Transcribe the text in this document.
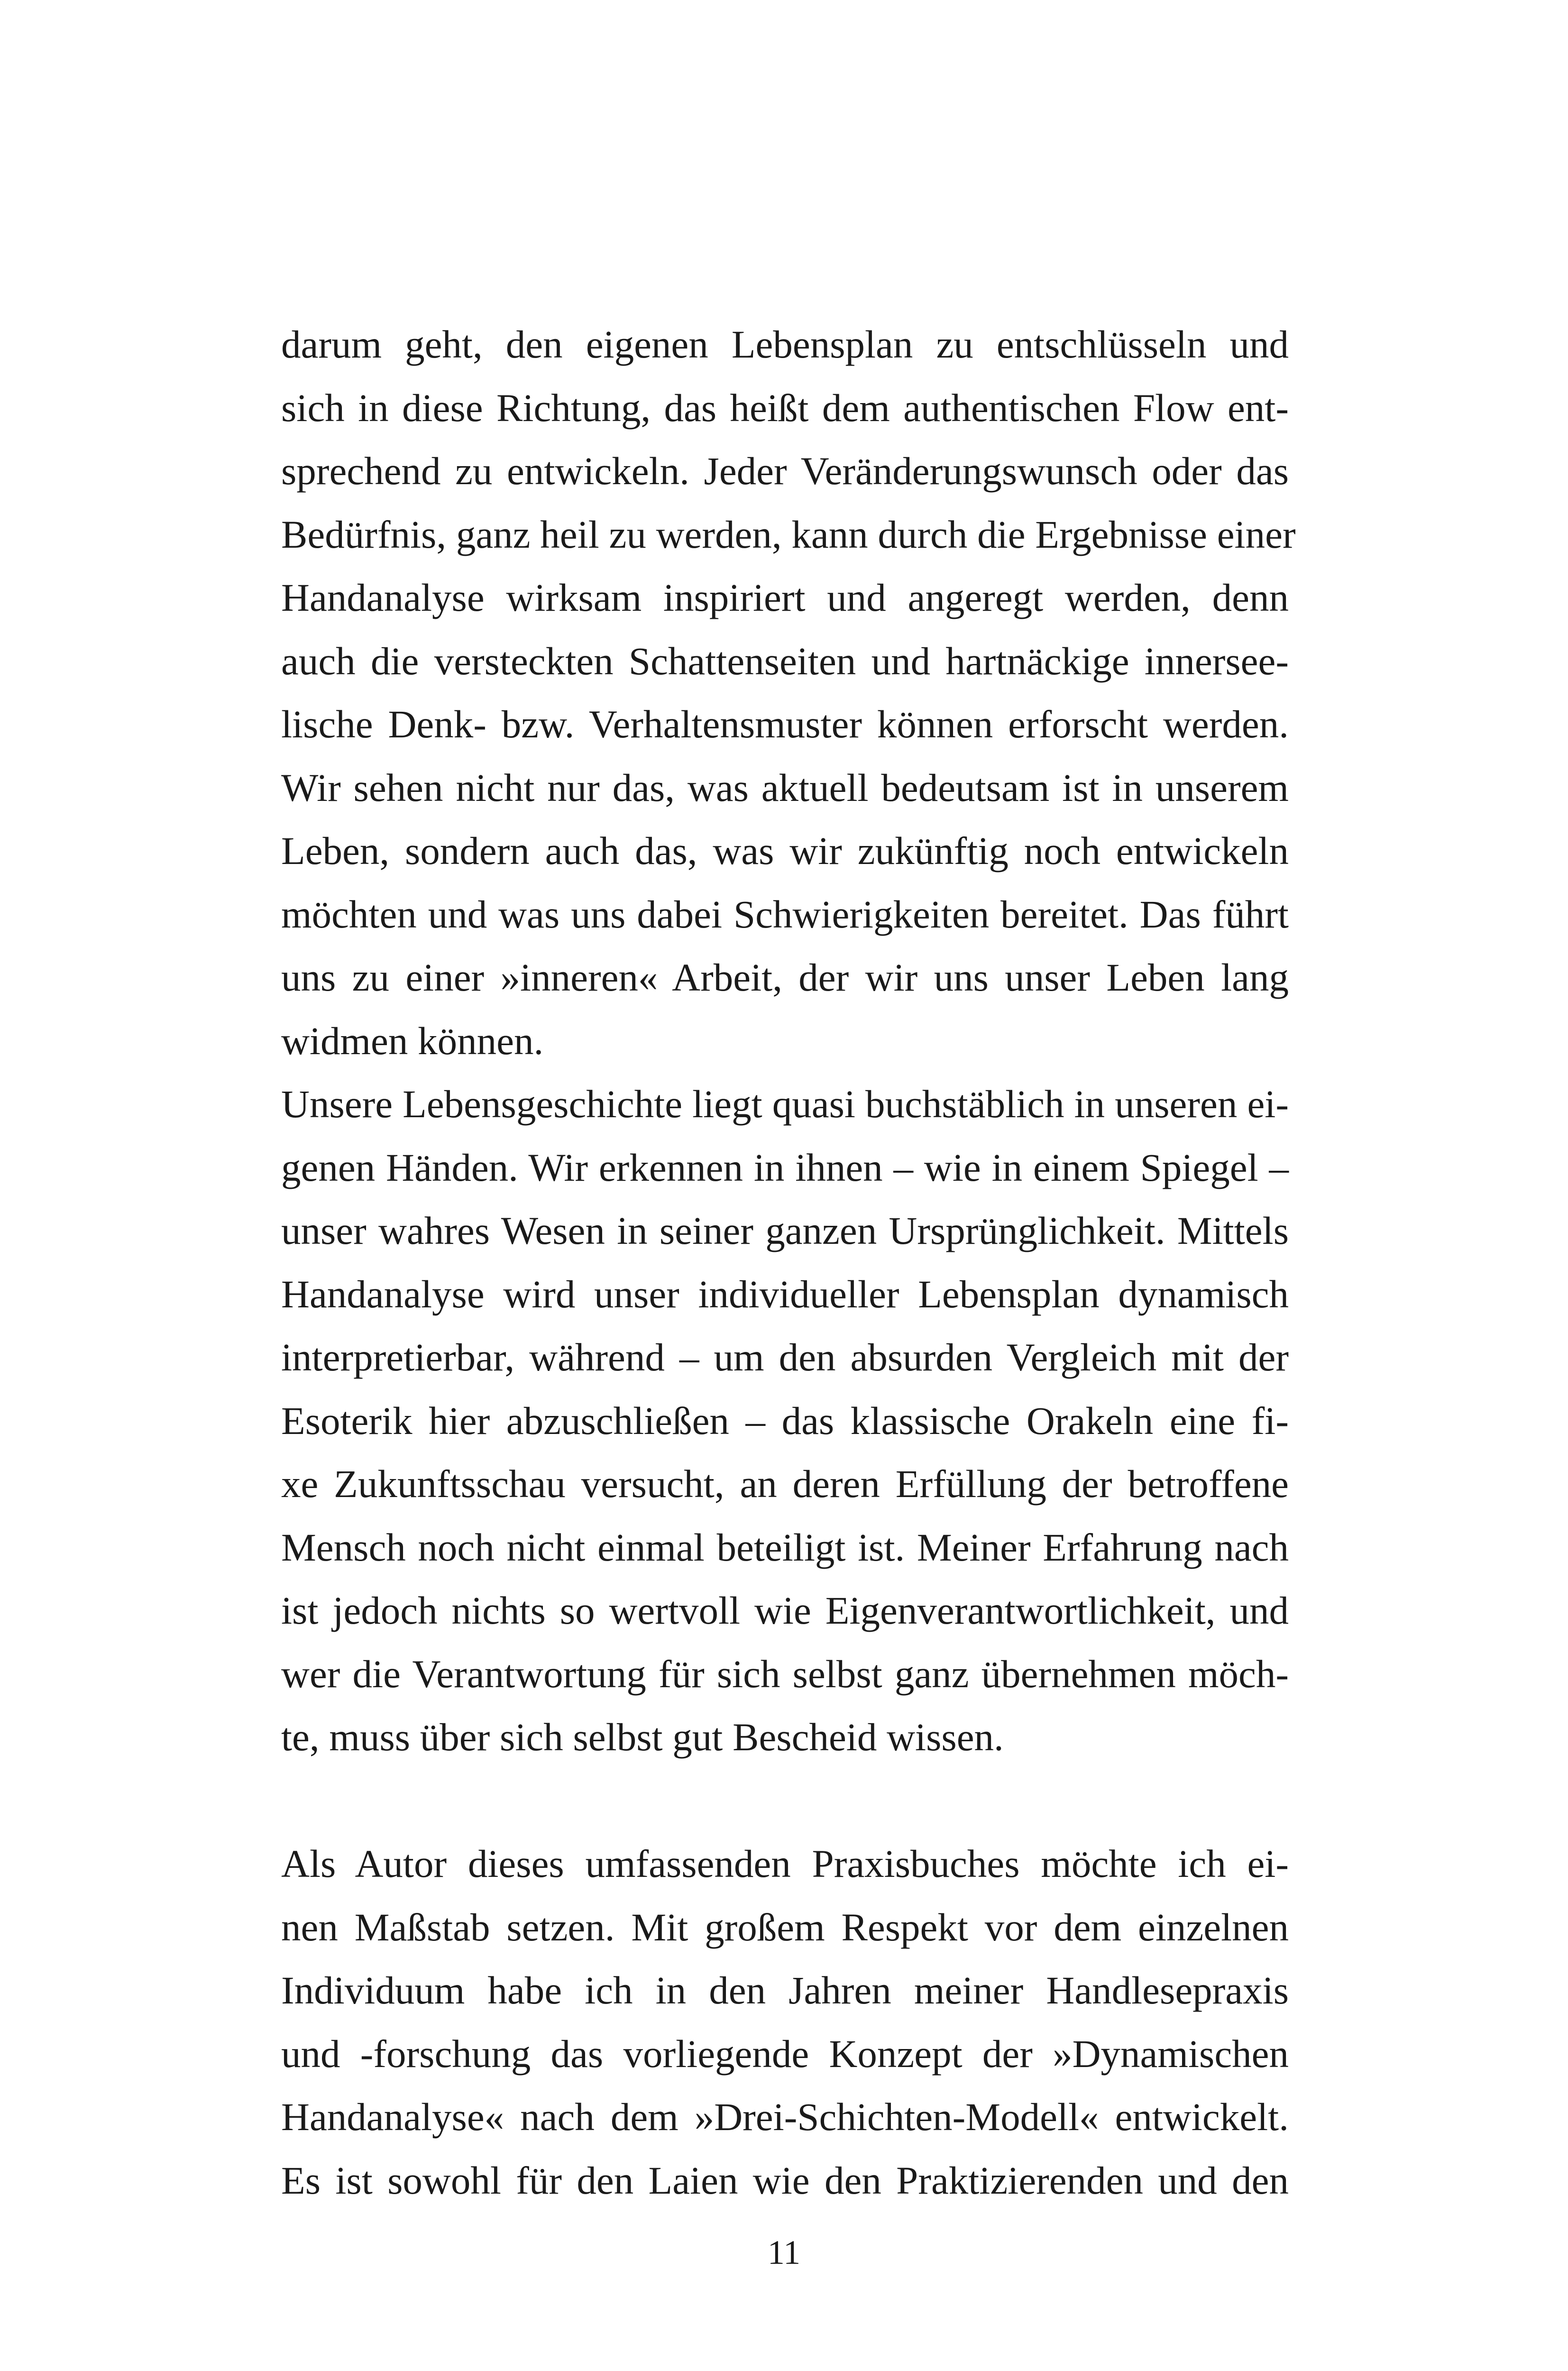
darum geht, den eigenen Lebensplan zu entschlüsseln und
sich in diese Richtung, das heißt dem authentischen Flow ent-
sprechend zu entwickeln. Jeder Veränderungswunsch oder das
Bedürfnis, ganz heil zu werden, kann durch die Ergebnisse einer
Handanalyse wirksam inspiriert und angeregt werden, denn
auch die versteckten Schattenseiten und hartnäckige innersee-
lische Denk- bzw. Verhaltensmuster können erforscht werden.
Wir sehen nicht nur das, was aktuell bedeutsam ist in unserem
Leben, sondern auch das, was wir zukünftig noch entwickeln
möchten und was uns dabei Schwierigkeiten bereitet. Das führt
uns zu einer »inneren« Arbeit, der wir uns unser Leben lang
widmen können.
Unsere Lebensgeschichte liegt quasi buchstäblich in unseren ei-
genen Händen. Wir erkennen in ihnen – wie in einem Spiegel –
unser wahres Wesen in seiner ganzen Ursprünglichkeit. Mittels
Handanalyse wird unser individueller Lebensplan dynamisch
interpretierbar, während – um den absurden Vergleich mit der
Esoterik hier abzuschließen – das klassische Orakeln eine fi-
xe Zukunftsschau versucht, an deren Erfüllung der betroffene
Mensch noch nicht einmal beteiligt ist. Meiner Erfahrung nach
ist jedoch nichts so wertvoll wie Eigenverantwortlichkeit, und
wer die Verantwortung für sich selbst ganz übernehmen möch-
te, muss über sich selbst gut Bescheid wissen.
Als Autor dieses umfassenden Praxisbuches möchte ich ei-
nen Maßstab setzen. Mit großem Respekt vor dem einzelnen
Individuum habe ich in den Jahren meiner Handlesepraxis
und -forschung das vorliegende Konzept der »Dynamischen
Handanalyse« nach dem »Drei-Schichten-Modell« entwickelt.
Es ist sowohl für den Laien wie den Praktizierenden und den
11
